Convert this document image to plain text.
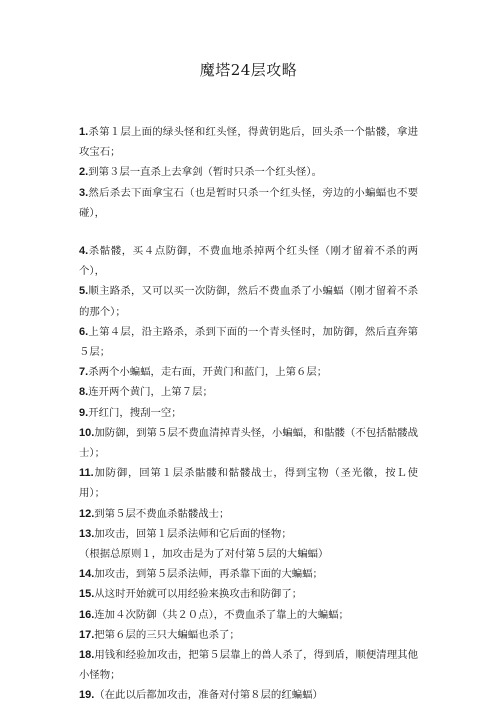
魔塔24层攻略

1.杀第１层上面的绿头怪和红头怪，得黄钥匙后，回头杀一个骷髅，拿进攻宝石；

2.到第３层一直杀上去拿剑（暂时只杀一个红头怪）。

3.然后杀去下面拿宝石（也是暂时只杀一个红头怪，旁边的小蝙蝠也不要碰），

4.杀骷髅，买４点防御，不费血地杀掉两个红头怪（刚才留着不杀的两个），

5.顺主路杀，又可以买一次防御，然后不费血杀了小蝙蝠（刚才留着不杀的那个）；

6.上第４层，沿主路杀，杀到下面的一个青头怪时，加防御，然后直奔第５层；

7.杀两个小蝙蝠，走右面，开黄门和蓝门，上第６层；

8.连开两个黄门，上第７层；

9.开红门，搜刮一空；

10.加防御，到第５层不费血清掉青头怪，小蝙蝠，和骷髅（不包括骷髅战士）；

11.加防御，回第１层杀骷髅和骷髅战士，得到宝物（圣光徽，按Ｌ使用）；

12.到第５层不费血杀骷髅战士；

13.加攻击，回第１层杀法师和它后面的怪物；

（根据总原则１，加攻击是为了对付第５层的大蝙蝠）

14.加攻击，到第５层杀法师，再杀靠下面的大蝙蝠；

15.从这时开始就可以用经验来换攻击和防御了；

16.连加４次防御（共２０点），不费血杀了靠上的大蝙蝠；

17.把第６层的三只大蝙蝠也杀了；

18.用钱和经验加攻击，把第５层靠上的兽人杀了，得到盾，顺便清理其他小怪物；

19.（在此以后都加攻击，准备对付第８层的红蝙蝠）
